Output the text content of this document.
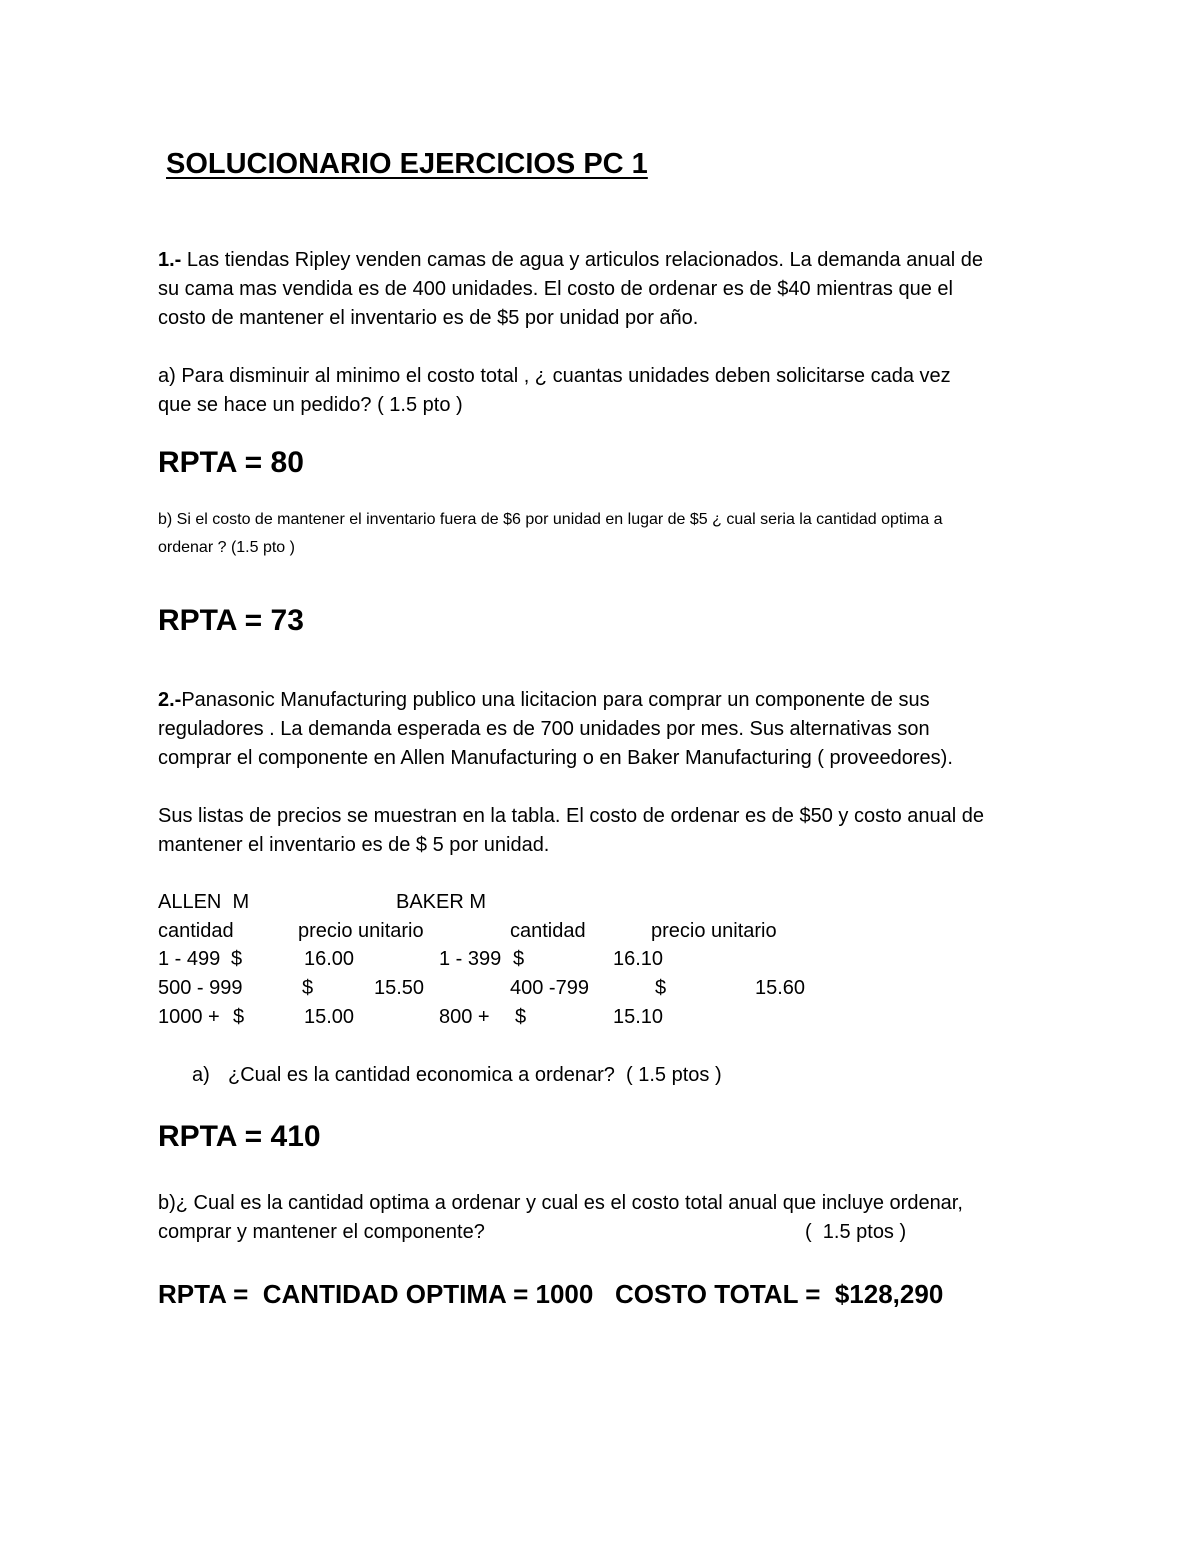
SOLUCIONARIO EJERCICIOS PC 1
1.- Las tiendas Ripley venden camas de agua y articulos relacionados. La demanda anual de
su cama mas vendida es de 400 unidades. El costo de ordenar es de $40 mientras que el
costo de mantener el inventario es de $5 por unidad por año.
a) Para disminuir al minimo el costo total , ¿ cuantas unidades deben solicitarse cada vez
que se hace un pedido? ( 1.5 pto )
RPTA = 80
b) Si el costo de mantener el inventario fuera de $6 por unidad en lugar de $5 ¿ cual seria la cantidad optima a
ordenar ? (1.5 pto )
RPTA = 73
2.-Panasonic Manufacturing publico una licitacion para comprar un componente de sus
reguladores . La demanda esperada es de 700 unidades por mes. Sus alternativas son
comprar el componente en Allen Manufacturing o en Baker Manufacturing ( proveedores).
Sus listas de precios se muestran en la tabla. El costo de ordenar es de $50 y costo anual de
mantener el inventario es de $ 5 por unidad.
ALLEN  M	BAKER M
cantidad	precio unitario	cantidad	precio unitario
1 - 499 $	16.00	1 - 399 $	16.10
500 - 999	$	15.50	400 -799	$	15.60
1000 + $	15.00	800 + $	15.10
a) ¿Cual es la cantidad economica a ordenar?  ( 1.5 ptos )
RPTA = 410
b)¿ Cual es la cantidad optima a ordenar y cual es el costo total anual que incluye ordenar,
comprar y mantener el componente?	(  1.5 ptos )
RPTA =  CANTIDAD OPTIMA = 1000   COSTO TOTAL =  $128,290
